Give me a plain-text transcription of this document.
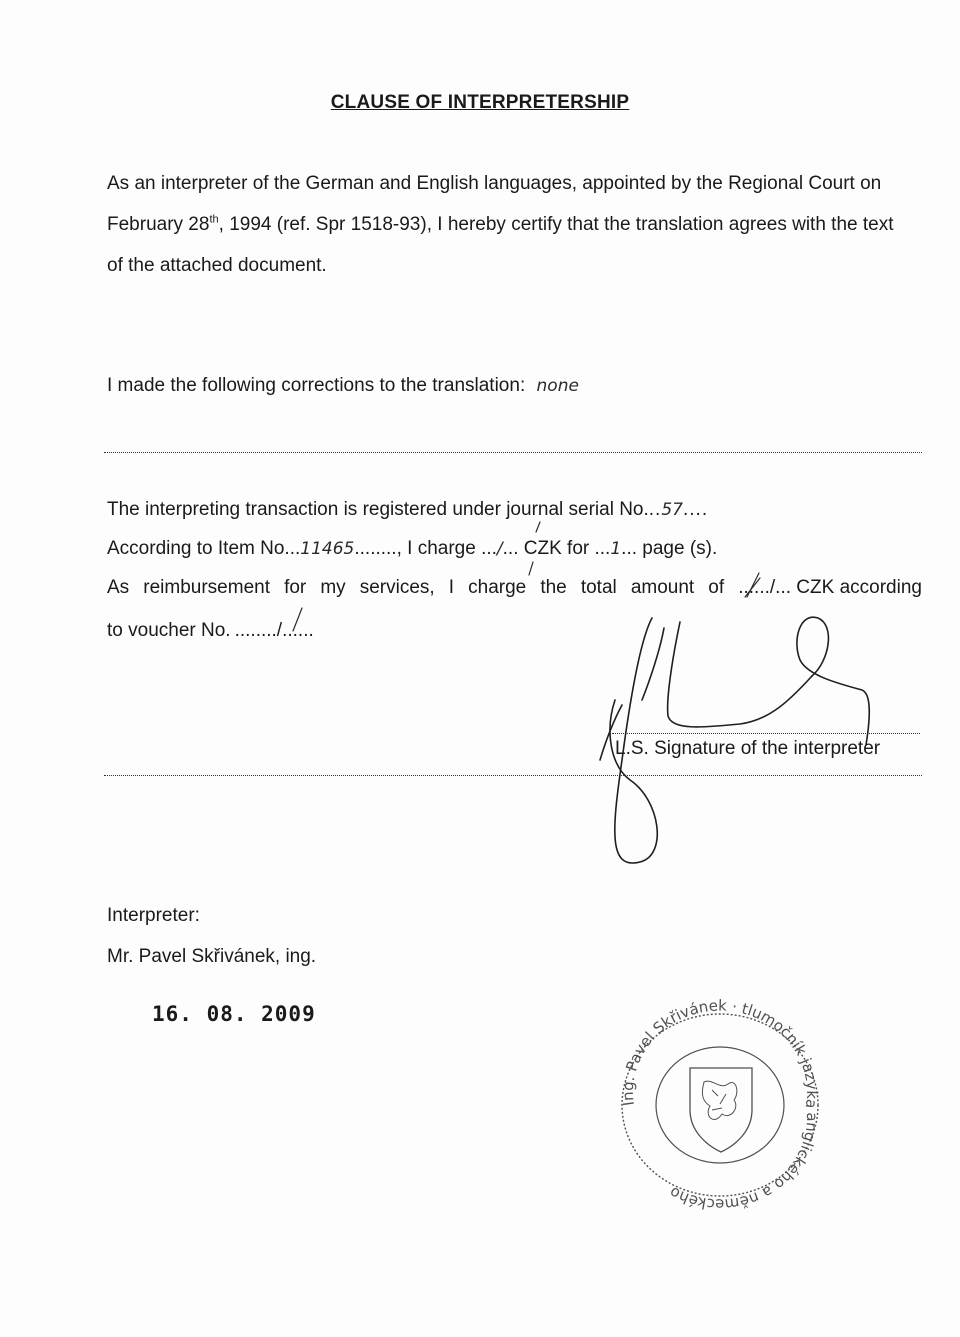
CLAUSE OF INTERPRETERSHIP
As an interpreter of the German and English languages, appointed by the Regional Court on
February 28th, 1994 (ref. Spr 1518-93), I hereby certify that the translation agrees with the text
of the attached document.
I made the following corrections to the translation: none
The interpreting transaction is registered under journal serial No...57....
According to Item No...11465........, I charge .../... CZK for ...1... page (s).
As reimbursement for my services, I charge the total amount of ....../... CZK according
to voucher No. ......../......
L.S. Signature of the interpreter
Interpreter:
Mr. Pavel Skřivánek, ing.
16. 08. 2009
Ing. Pavel Skřivánek · tlumočník jazyka anglického a německého
